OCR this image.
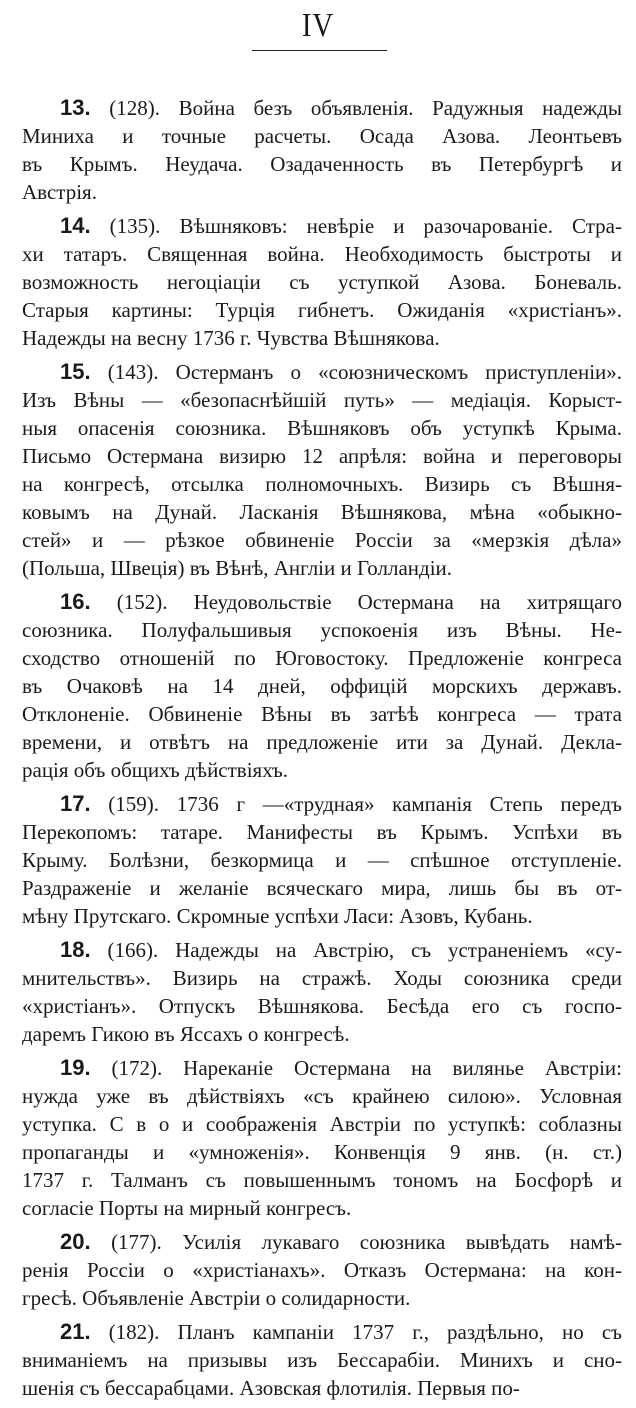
IV
13. (128). Война безъ объявленія. Радужныя надежды
Миниха и точные расчеты. Осада Азова. Леонтьевъ
въ Крымъ. Неудача. Озадаченность въ Петербургѣ и
Австрія.
14. (135). Вѣшняковъ: невѣріе и разочарованіе. Стра-
хи татаръ. Священная война. Необходимость быстроты и
возможность негоціаціи съ уступкой Азова. Боневаль.
Старыя картины: Турція гибнетъ. Ожиданія «христіанъ».
Надежды на весну 1736 г. Чувства Вѣшнякова.
15. (143). Остерманъ о «союзническомъ приступленіи».
Изъ Вѣны — «безопаснѣйшій путь» — медіація. Корыст-
ныя опасенія союзника. Вѣшняковъ объ уступкѣ Крыма.
Письмо Остермана визирю 12 апрѣля: война и переговоры
на конгресѣ, отсылка полномочныхъ. Визирь съ Вѣшня-
ковымъ на Дунай. Ласканія Вѣшнякова, мѣна «обыкно-
стей» и — рѣзкое обвиненіе Россіи за «мерзкія дѣла»
(Польша, Швеція) въ Вѣнѣ, Англіи и Голландіи.
16. (152). Неудовольствіе Остермана на хитрящаго
союзника. Полуфальшивыя успокоенія изъ Вѣны. Не-
сходство отношеній по Юговостоку. Предложеніе конгреса
въ Очаковѣ на 14 дней, оффицій морскихъ державъ.
Отклоненіе. Обвиненіе Вѣны въ затѣѣ конгреса — трата
времени, и отвѣтъ на предложеніе ити за Дунай. Декла-
рація объ общихъ дѣйствіяхъ.
17. (159). 1736 г —«трудная» кампанія Степь передъ
Перекопомъ: татаре. Манифесты въ Крымъ. Успѣхи въ
Крыму. Болѣзни, безкормица и — спѣшное отступленіе.
Раздраженіе и желаніе всяческаго мира, лишь бы въ от-
мѣну Прутскаго. Скромные успѣхи Ласи: Азовъ, Кубань.
18. (166). Надежды на Австрію, съ устраненіемъ «су-
мнительствъ». Визирь на стражѣ. Ходы союзника среди
«христіанъ». Отпускъ Вѣшнякова. Бесѣда его съ госпо-
даремъ Гикою въ Яссахъ о конгресѣ.
19. (172). Нареканіе Остермана на виляньe Австріи:
нужда уже въ дѣйствіяхъ «съ крайнею силою». Условная
уступка. С в о и соображенія Австріи по уступкѣ: соблазны
пропаганды и «умноженія». Конвенція 9 янв. (н. ст.)
1737 г. Талманъ съ повышеннымъ тономъ на Босфорѣ и
согласіе Порты на мирный конгресъ.
20. (177). Усилія лукаваго союзника вывѣдать намѣ-
ренія Россіи о «христіанахъ». Отказъ Остермана: на кон-
гресѣ. Объявленіе Австріи о солидарности.
21. (182). Планъ кампаніи 1737 г., раздѣльно, но съ
вниманіемъ на призывы изъ Бессарабіи. Минихъ и сно-
шенія съ бессарабцами. Азовская флотилія. Первыя по-
